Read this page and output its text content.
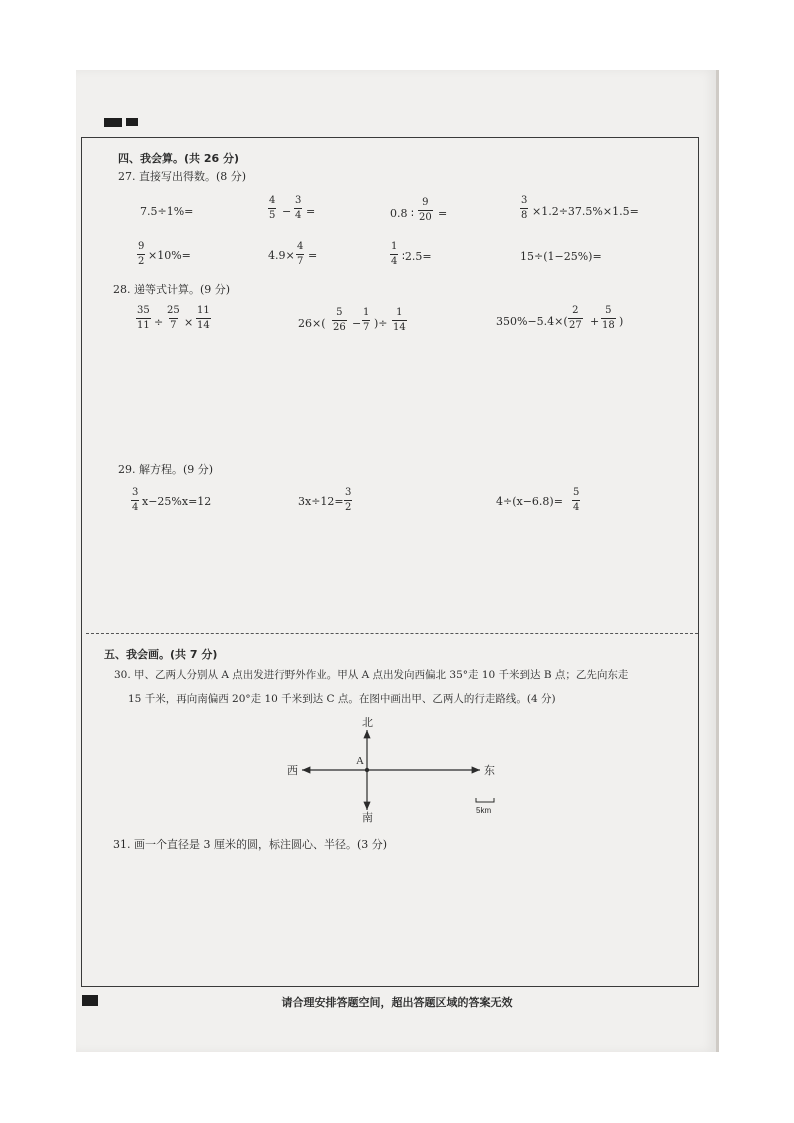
四、我会算。(共 26 分)
27. 直接写出得数。(8 分)
7.5÷1%=	$\frac{4}{5} - \frac{3}{4}$ =	0.8 ∶ $\frac{9}{20}$ =	$\frac{3}{8} \times 1.2\div 37.5\%\times 1.5=$
$\frac{9}{2} \times 10\%=$	$4.9\times \frac{4}{7}$ =	$\frac{1}{4}$ ∶2.5=	15÷(1−25%)=
28. 递等式计算。(9 分)
$\frac{35}{11} \div \frac{25}{7} \times \frac{11}{14}$	$26\times( \frac{5}{26} - \frac{1}{7}$ )÷ $\frac{1}{14}$	$350\%-5.4\times( \frac{2}{27} + \frac{5}{18}$ )
29. 解方程。(9 分)
$\frac{3}{4} x-25\%x=12$	$3x\div 12= \frac{3}{2}$	$4\div(x-6.8)= \frac{5}{4}$
五、我会画。(共 7 分)
30. 甲、乙两人分别从 A 点出发进行野外作业。甲从 A 点出发向西偏北 35°走 10 千米到达 B 点；乙先向东走
15 千米，再向南偏西 20°走 10 千米到达 C 点。在图中画出甲、乙两人的行走路线。(4 分)
北
南
西	东
A
5km
31. 画一个直径是 3 厘米的圆，标注圆心、半径。(3 分)
请合理安排答题空间，超出答题区域的答案无效
